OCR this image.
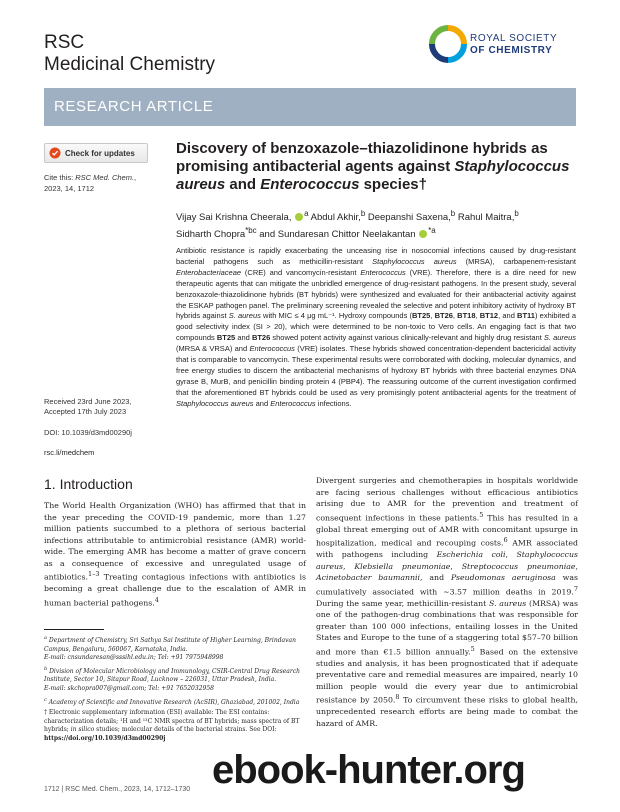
RSC
Medicinal Chemistry
ROYAL SOCIETY
OF CHEMISTRY
RESEARCH ARTICLE
Check for updates
Cite this: RSC Med. Chem., 2023, 14, 1712
Discovery of benzoxazole–thiazolidinone hybrids as promising antibacterial agents against Staphylococcus aureus and Enterococcus species†
Vijay Sai Krishna Cheerala, $^a$ Abdul Akhir,$^b$ Deepanshi Saxena,$^b$ Rahul Maitra,$^b$
Sidharth Chopra$^{*bc}$ and Sundaresan Chittor Neelakantan $^{*a}$
Antibiotic resistance is rapidly exacerbating the unceasing rise in nosocomial infections caused by drug-resistant bacterial pathogens such as methicillin-resistant Staphylococcus aureus (MRSA), carbapenem-resistant Enterobacteriaceae (CRE) and vancomycin-resistant Enterococcus (VRE). Therefore, there is a dire need for new therapeutic agents that can mitigate the unbridled emergence of drug-resistant pathogens. In the present study, several benzoxazole-thiazolidinone hybrids (BT hybrids) were synthesized and evaluated for their antibacterial activity against the ESKAP pathogen panel. The preliminary screening revealed the selective and potent inhibitory activity of hydroxy BT hybrids against S. aureus with MIC ≤ 4 μg mL⁻¹. Hydroxy compounds (BT25, BT26, BT18, BT12, and BT11) exhibited a good selectivity index (SI > 20), which were determined to be non-toxic to Vero cells. An engaging fact is that two compounds BT25 and BT26 showed potent activity against various clinically-relevant and highly drug resistant S. aureus (MRSA & VRSA) and Enterococcus (VRE) isolates. These hybrids showed concentration-dependent bactericidal activity that is comparable to vancomycin. These experimental results were corroborated with docking, molecular dynamics, and free energy studies to discern the antibacterial mechanisms of hydroxy BT hybrids with three bacterial enzymes DNA gyrase B, MurB, and penicillin binding protein 4 (PBP4). The reassuring outcome of the current investigation confirmed that the aforementioned BT hybrids could be used as very promisingly potent antibacterial agents for the treatment of Staphylococcus aureus and Enterococcus infections.
Received 23rd June 2023,
Accepted 17th July 2023
DOI: 10.1039/d3md00290j
rsc.li/medchem
1. Introduction
The World Health Organization (WHO) has affirmed that that in the year preceding the COVID-19 pandemic, more than 1.27 million patients succumbed to a plethora of serious bacterial infections attributable to antimicrobial resistance (AMR) world-wide. The emerging AMR has become a matter of grave concern as a consequence of excessive and unregulated usage of antibiotics.$^{1-3}$ Treating contagious infections with antibiotics is becoming a great challenge due to the escalation of AMR in human bacterial pathogens.$^4$

$^a$ Department of Chemistry, Sri Sathya Sai Institute of Higher Learning, Brindavan Campus, Bengaluru, 560067, Karnataka, India.
E-mail: cnsundaresan@sssihl.edu.in; Tel: +91 7975948998

$^b$ Division of Molecular Microbiology and Immunology, CSIR-Central Drug Research Institute, Sector 10, Sitapur Road, Lucknow – 226031, Uttar Pradesh, India.
E-mail: skchopra007@gmail.com; Tel: +91 7652032958

$^c$ Academy of Scientific and Innovative Research (AcSIR), Ghaziabad, 201002, India

† Electronic supplementary information (ESI) available: The ESI contains: characterization details; ¹H and ¹³C NMR spectra of BT hybrids; mass spectra of BT hybrids; in silico studies; molecular details of the bacterial strains. See DOI: https://doi.org/10.1039/d3md00290j

Divergent surgeries and chemotherapies in hospitals worldwide are facing serious challenges without efficacious antibiotics arising due to AMR for the prevention and treatment of consequent infections in these patients.$^5$ This has resulted in a global threat emerging out of AMR with concomitant upsurge in hospitalization, medical and recouping costs.$^6$ AMR associated with pathogens including Escherichia coli, Staphylococcus aureus, Klebsiella pneumoniae, Streptococcus pneumoniae, Acinetobacter baumannii, and Pseudomonas aeruginosa was cumulatively associated with ~3.57 million deaths in 2019.$^7$ During the same year, methicillin-resistant S. aureus (MRSA) was one of the pathogen-drug combinations that was responsible for greater than 100 000 infections, entailing losses in the United States and Europe to the tune of a staggering total $57–70 billion and more than €1.5 billion annually.$^5$ Based on the extensive studies and analysis, it has been prognosticated that if adequate preventative care and remedial measures are impaired, nearly 10 million people would die every year due to antimicrobial resistance by 2050.$^8$ To circumvent these risks to global health, unprecedented research efforts are being made to combat the hazard of AMR.
1712 | RSC Med. Chem., 2023, 14, 1712–1730 ebook-hunter.org
